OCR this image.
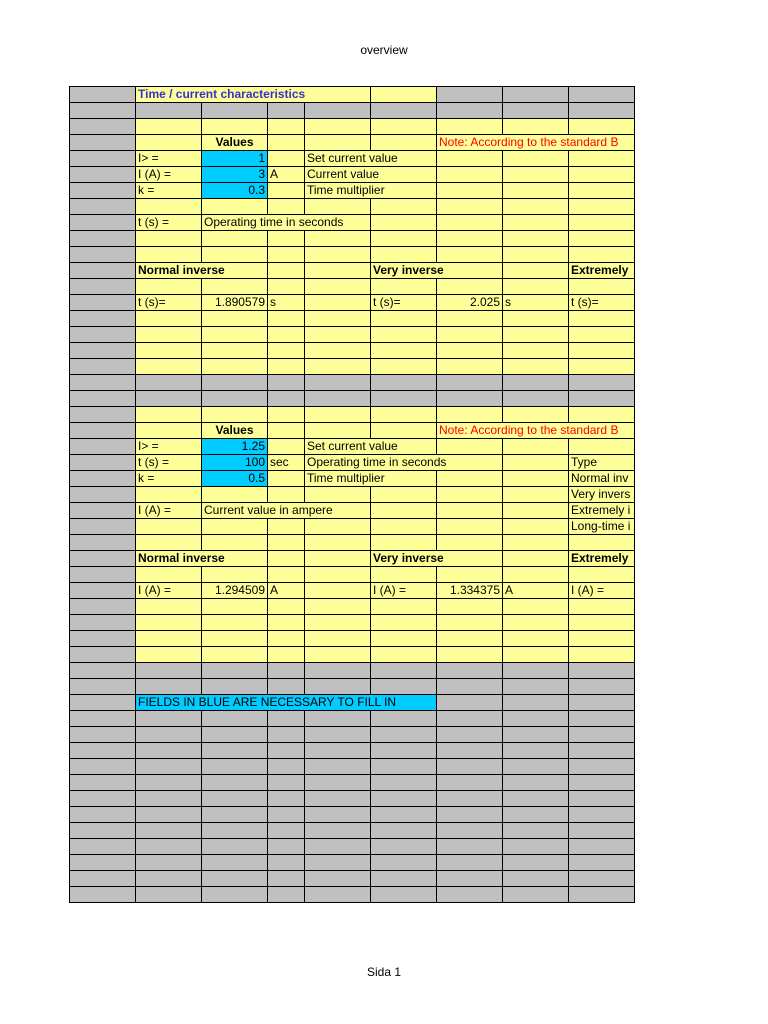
overview
	Time / current characteristics							

		Values				Note: According to the standard B		
	I> =	1		Set current value				
	I (A) =	3	A	Current value				
	k =	0.3		Time multiplier				

	t (s) =	Operating time in seconds						

	Normal inverse				Very inverse			Extremely

	t (s)=	1.890579	s		t (s)=	2.025	s	t (s)=

		Values				Note: According to the standard B		
	I> =	1.25		Set current value				
	t (s) =	100	sec	Operating time in seconds				Type
	k =	0.5		Time multiplier				Normal inv
								Very invers
	I (A) =	Current value in ampere						Extremely i
								Long-time i

	Normal inverse				Very inverse			Extremely

	I (A) =	1.294509	A		I (A) =	1.334375	A	I (A) =

	FIELDS IN BLUE ARE NECESSARY TO FILL IN							

Sida 1
